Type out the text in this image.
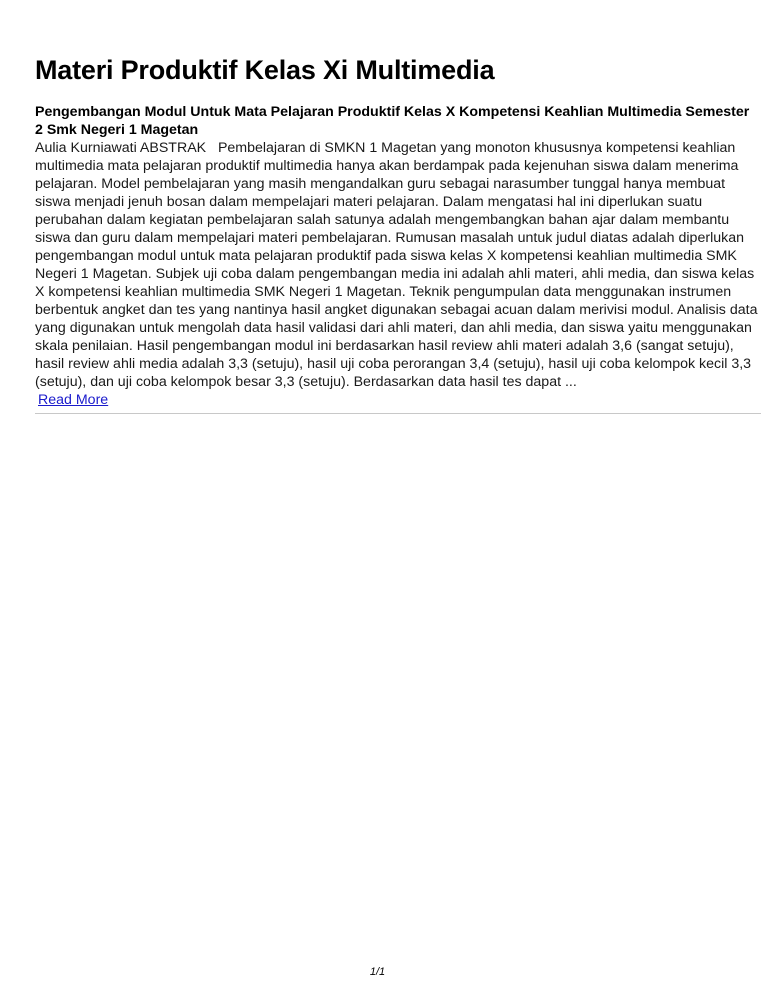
Materi Produktif Kelas Xi Multimedia
Pengembangan Modul Untuk Mata Pelajaran Produktif Kelas X Kompetensi Keahlian Multimedia Semester 2 Smk Negeri 1 Magetan
Aulia Kurniawati ABSTRAK   Pembelajaran di SMKN 1 Magetan yang monoton khususnya kompetensi keahlian multimedia mata pelajaran produktif multimedia hanya akan berdampak pada kejenuhan siswa dalam menerima pelajaran. Model pembelajaran yang masih mengandalkan guru sebagai narasumber tunggal hanya membuat siswa menjadi jenuh bosan dalam mempelajari materi pelajaran. Dalam mengatasi hal ini diperlukan suatu perubahan dalam kegiatan pembelajaran salah satunya adalah mengembangkan bahan ajar dalam membantu siswa dan guru dalam mempelajari materi pembelajaran. Rumusan masalah untuk judul diatas adalah diperlukan pengembangan modul untuk mata pelajaran produktif pada siswa kelas X kompetensi keahlian multimedia SMK Negeri 1 Magetan. Subjek uji coba dalam pengembangan media ini adalah ahli materi, ahli media, dan siswa kelas X kompetensi keahlian multimedia SMK Negeri 1 Magetan. Teknik pengumpulan data menggunakan instrumen berbentuk angket dan tes yang nantinya hasil angket digunakan sebagai acuan dalam merivisi modul. Analisis data yang digunakan untuk mengolah data hasil validasi dari ahli materi, dan ahli media, dan siswa yaitu menggunakan skala penilaian. Hasil pengembangan modul ini berdasarkan hasil review ahli materi adalah 3,6 (sangat setuju), hasil review ahli media adalah 3,3 (setuju), hasil uji coba perorangan 3,4 (setuju), hasil uji coba kelompok kecil 3,3 (setuju), dan uji coba kelompok besar 3,3 (setuju). Berdasarkan data hasil tes dapat ...
Read More
1/1
